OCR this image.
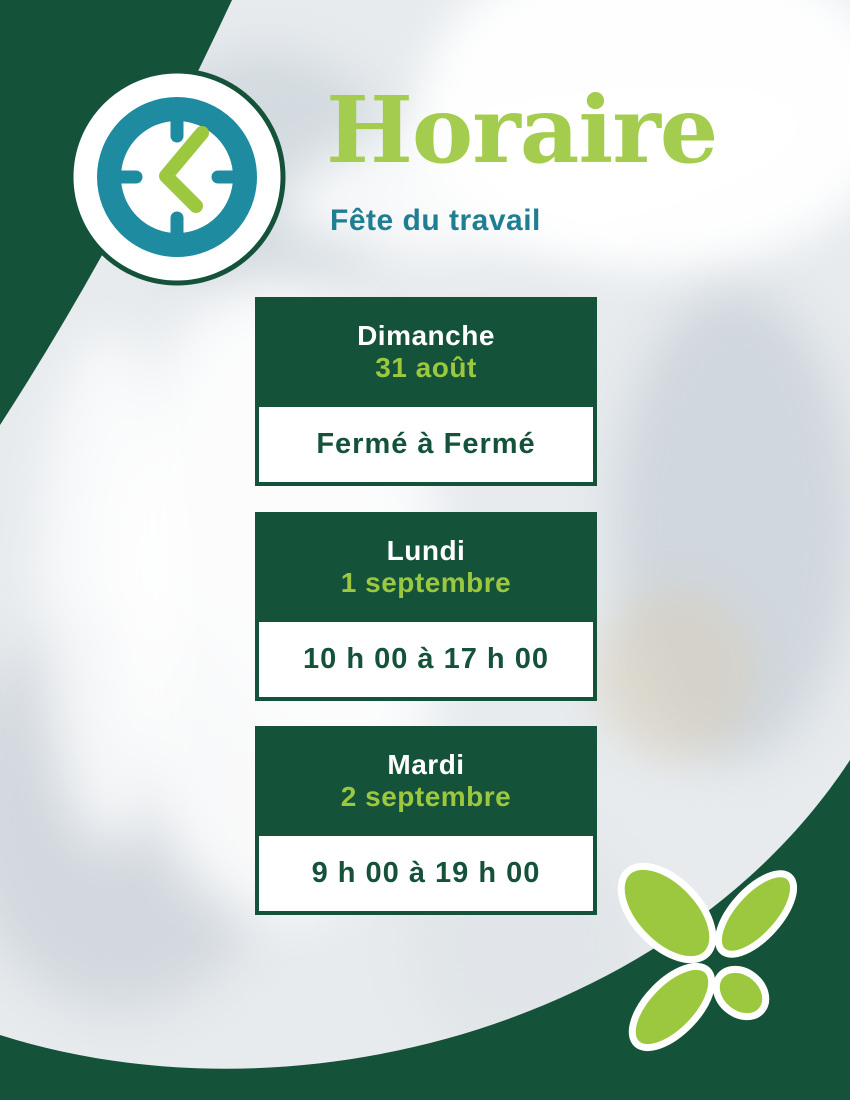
Horaire
Fête du travail
Dimanche
31 août
Fermé à Fermé
Lundi
1 septembre
10 h 00 à 17 h 00
Mardi
2 septembre
9 h 00 à 19 h 00
